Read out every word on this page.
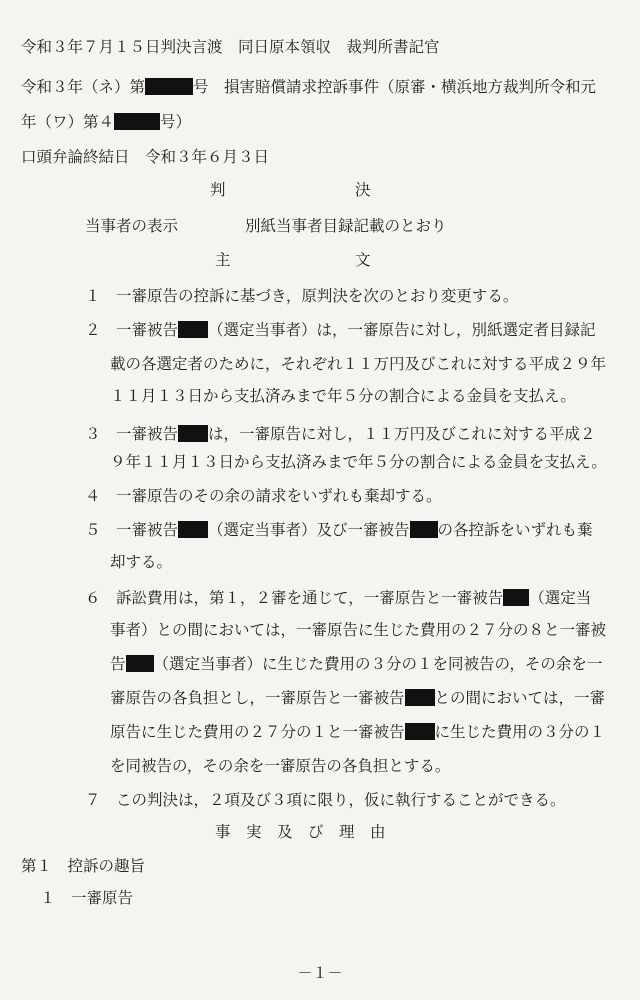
令和３年７月１５日判決言渡　同日原本領収　裁判所書記官
令和３年（ネ）第	号　損害賠償請求控訴事件（原審・横浜地方裁判所令和元
年（ワ）第４	号）
口頭弁論終結日　令和３年６月３日
判	決
当事者の表示	別紙当事者目録記載のとおり
主	文
１　一審原告の控訴に基づき，原判決を次のとおり変更する。
２　一審被告 （選定当事者）は，一審原告に対し，別紙選定者目録記
載の各選定者のために，それぞれ１１万円及びこれに対する平成２９年
１１月１３日から支払済みまで年５分の割合による金員を支払え。
３　一審被告 は，一審原告に対し，１１万円及びこれに対する平成２
９年１１月１３日から支払済みまで年５分の割合による金員を支払え。
４　一審原告のその余の請求をいずれも棄却する。
５　一審被告 （選定当事者）及び一審被告 の各控訴をいずれも棄
却する。
６　訴訟費用は，第１，２審を通じて，一審原告と一審被告 （選定当
事者）との間においては，一審原告に生じた費用の２７分の８と一審被
告 （選定当事者）に生じた費用の３分の１を同被告の，その余を一
審原告の各負担とし，一審原告と一審被告 との間においては，一審
原告に生じた費用の２７分の１と一審被告 に生じた費用の３分の１
を同被告の，その余を一審原告の各負担とする。
７　この判決は，２項及び３項に限り，仮に執行することができる。
事　実　及　び　理　由
第１　控訴の趣旨
１　一審原告
－１－
